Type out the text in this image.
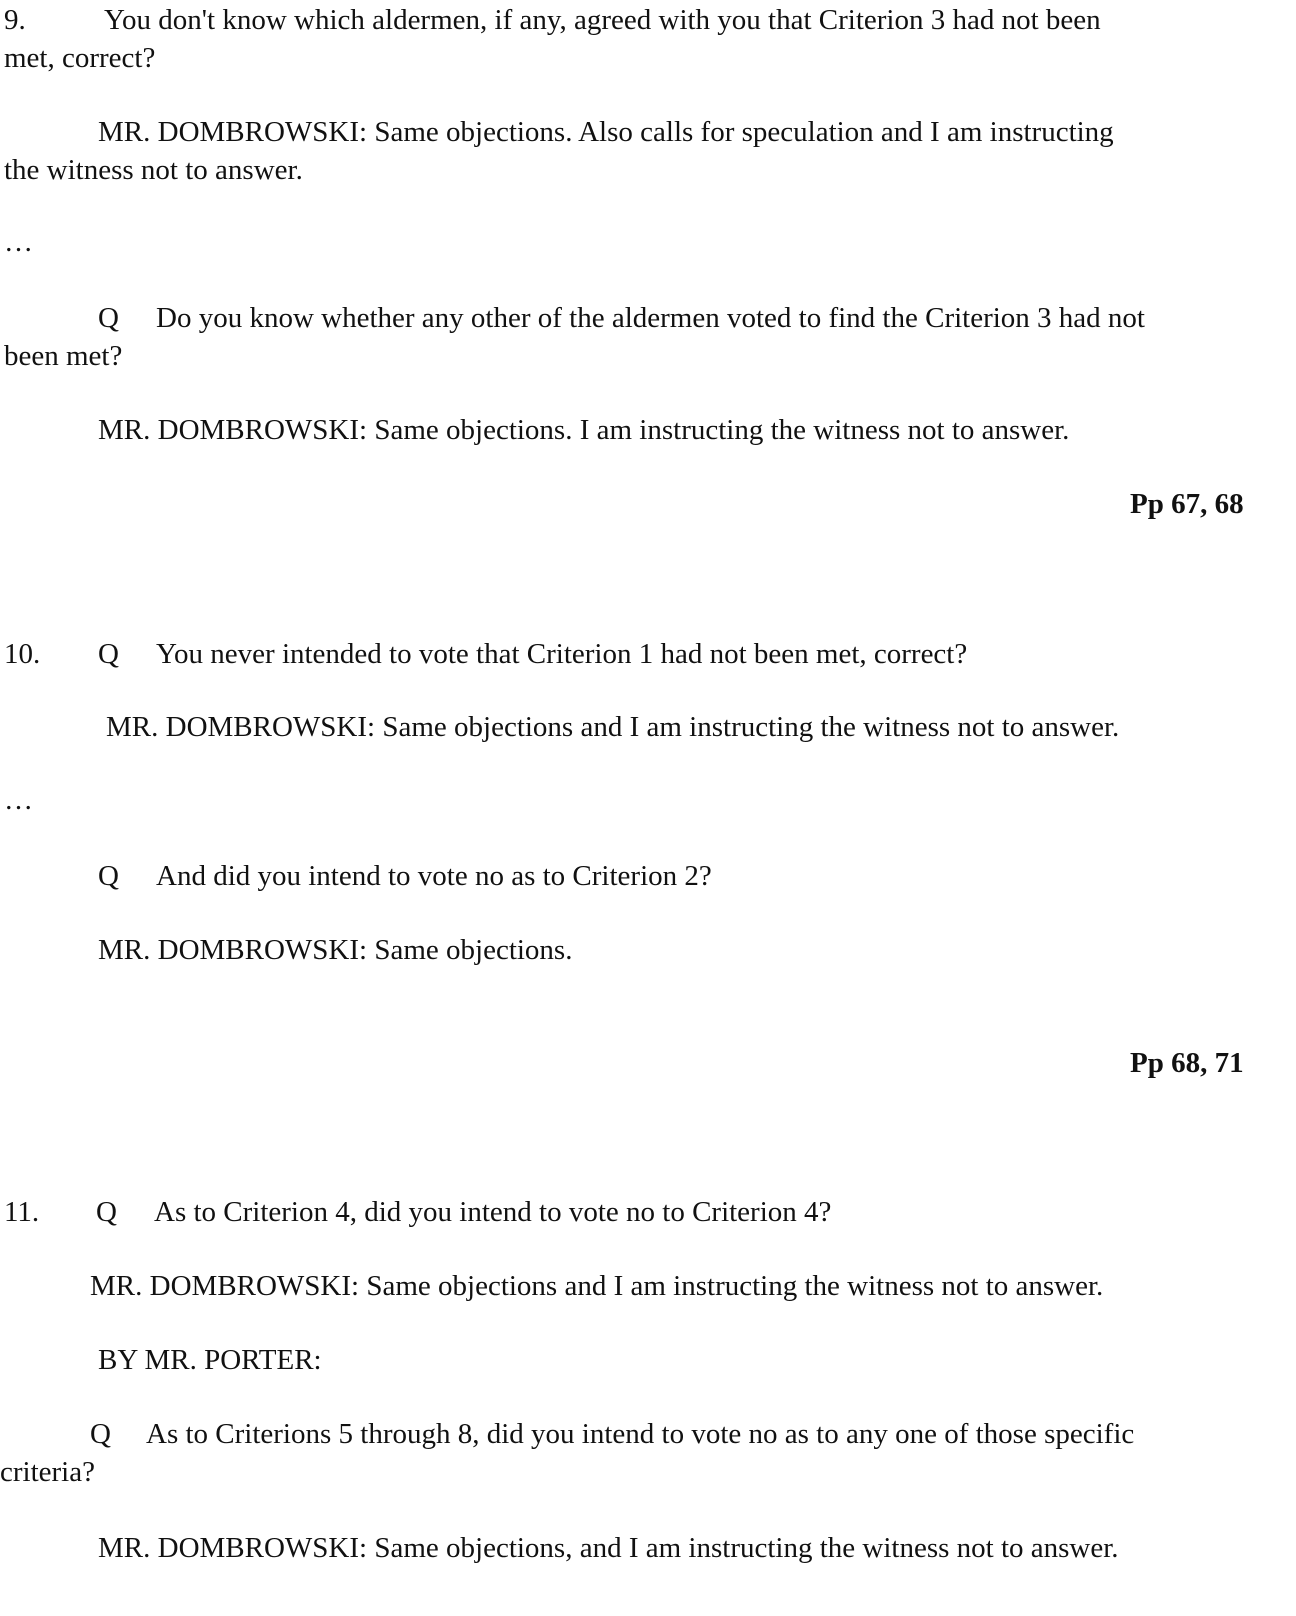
9.	You don't know which aldermen, if any, agreed with you that Criterion 3 had not been
met, correct?
MR. DOMBROWSKI: Same objections. Also calls for speculation and I am instructing
the witness not to answer.
…
Q Do you know whether any other of the aldermen voted to find the Criterion 3 had not
been met?
MR. DOMBROWSKI: Same objections. I am instructing the witness not to answer.
Pp 67, 68
10. Q You never intended to vote that Criterion 1 had not been met, correct?
MR. DOMBROWSKI: Same objections and I am instructing the witness not to answer.
…
Q And did you intend to vote no as to Criterion 2?
MR. DOMBROWSKI: Same objections.
Pp 68, 71
11. Q As to Criterion 4, did you intend to vote no to Criterion 4?
MR. DOMBROWSKI: Same objections and I am instructing the witness not to answer.
BY MR. PORTER:
Q As to Criterions 5 through 8, did you intend to vote no as to any one of those specific
criteria?
MR. DOMBROWSKI: Same objections, and I am instructing the witness not to answer.
